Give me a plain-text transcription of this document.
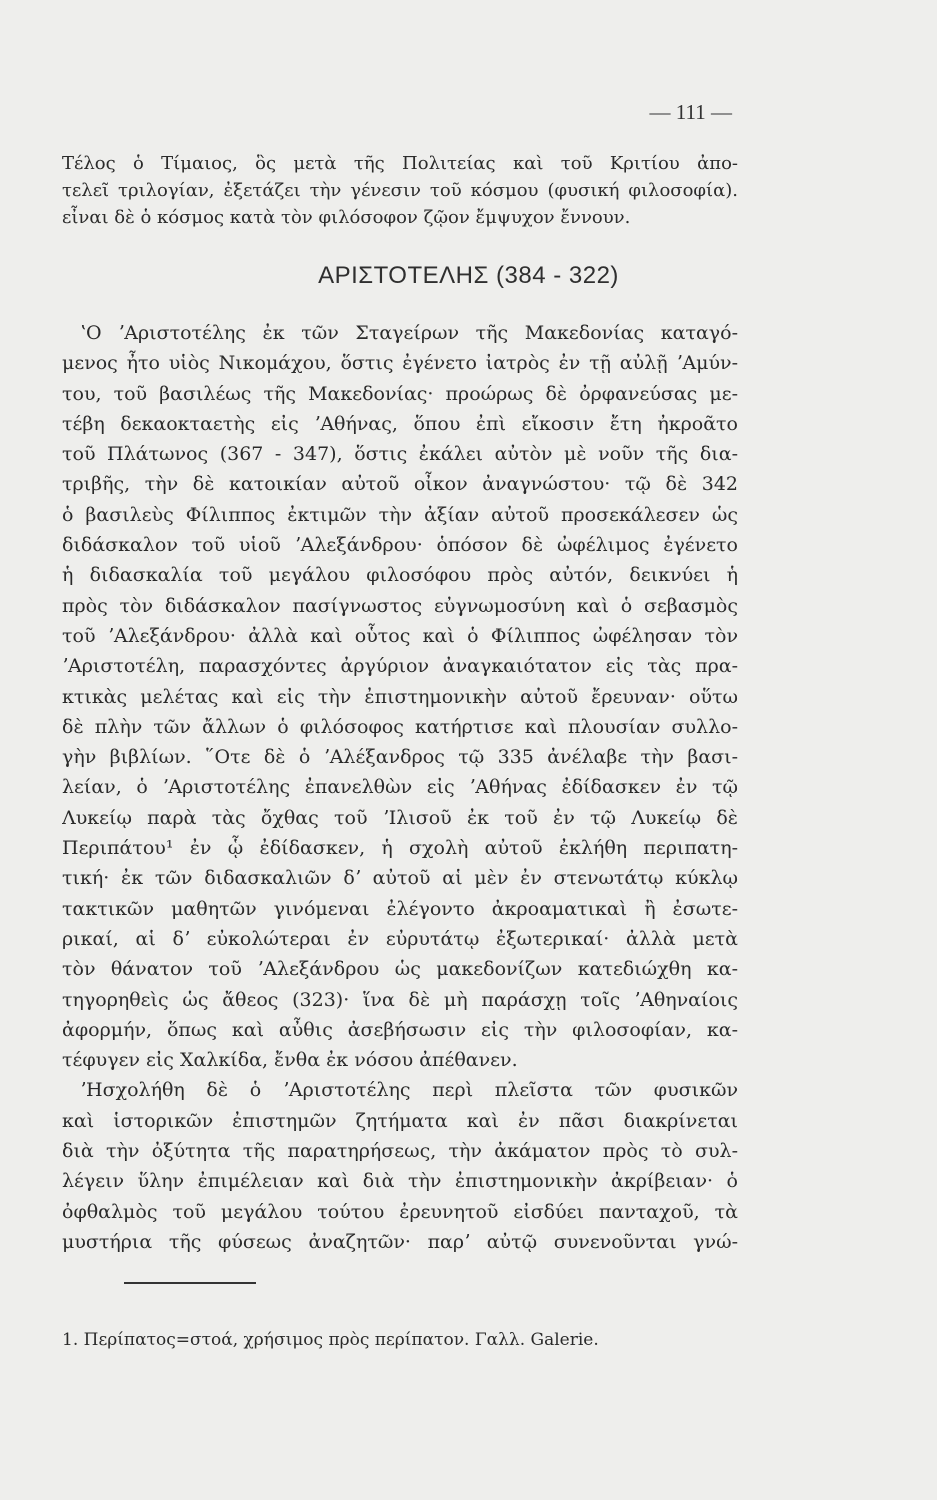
— 111 —
Τέλος ὁ Τίμαιος, ὃς μετὰ τῆς Πολιτείας καὶ τοῦ Κριτίου ἀπο-
τελεῖ τριλογίαν, ἐξετάζει τὴν γένεσιν τοῦ κόσμου (φυσική φιλοσοφία).
εἶναι δὲ ὁ κόσμος κατὰ τὸν φιλόσοφον ζῷον ἔμψυχον ἔννουν.
ΑΡΙΣΤΟΤΕΛΗΣ (384 - 322)
ʽΟ ʼΑριστοτέλης ἐκ τῶν Σταγείρων τῆς Μακεδονίας καταγό-
μενος ἦτο υἱὸς Νικομάχου, ὅστις ἐγένετο ἰατρὸς ἐν τῇ αὐλῇ ʼΑμύν-
του, τοῦ βασιλέως τῆς Μακεδονίας· προώρως δὲ ὀρφανεύσας με-
τέβη δεκαοκταετὴς εἰς ʼΑθήνας, ὅπου ἐπὶ εἴκοσιν ἔτη ἠκροᾶτο
τοῦ Πλάτωνος (367 - 347), ὅστις ἐκάλει αὐτὸν μὲ νοῦν τῆς δια-
τριβῆς, τὴν δὲ κατοικίαν αὐτοῦ οἶκον ἀναγνώστου· τῷ δὲ 342
ὁ βασιλεὺς Φίλιππος ἐκτιμῶν τὴν ἀξίαν αὐτοῦ προσεκάλεσεν ὡς
διδάσκαλον τοῦ υἱοῦ ʼΑλεξάνδρου· ὁπόσον δὲ ὠφέλιμος ἐγένετο
ἡ διδασκαλία τοῦ μεγάλου φιλοσόφου πρὸς αὐτόν, δεικνύει ἡ
πρὸς τὸν διδάσκαλον πασίγνωστος εὐγνωμοσύνη καὶ ὁ σεβασμὸς
τοῦ ʼΑλεξάνδρου· ἀλλὰ καὶ οὗτος καὶ ὁ Φίλιππος ὠφέλησαν τὸν
ʼΑριστοτέλη, παρασχόντες ἀργύριον ἀναγκαιότατον εἰς τὰς πρα-
κτικὰς μελέτας καὶ εἰς τὴν ἐπιστημονικὴν αὐτοῦ ἔρευναν· οὕτω
δὲ πλὴν τῶν ἄλλων ὁ φιλόσοφος κατήρτισε καὶ πλουσίαν συλλο-
γὴν βιβλίων. ῞Οτε δὲ ὁ ʼΑλέξανδρος τῷ 335 ἀνέλαβε τὴν βασι-
λείαν, ὁ ʼΑριστοτέλης ἐπανελθὼν εἰς ʼΑθήνας ἐδίδασκεν ἐν τῷ
Λυκείῳ παρὰ τὰς ὄχθας τοῦ ʼΙλισοῦ ἐκ τοῦ ἐν τῷ Λυκείῳ δὲ
Περιπάτου¹ ἐν ᾧ ἐδίδασκεν, ἡ σχολὴ αὐτοῦ ἐκλήθη περιπατη-
τική· ἐκ τῶν διδασκαλιῶν δʼ αὐτοῦ αἱ μὲν ἐν στενωτάτῳ κύκλῳ
τακτικῶν μαθητῶν γινόμεναι ἐλέγοντο ἀκροαματικαὶ ἢ ἐσωτε-
ρικαί, αἱ δʼ εὐκολώτεραι ἐν εὐρυτάτῳ ἐξωτερικαί· ἀλλὰ μετὰ
τὸν θάνατον τοῦ ʼΑλεξάνδρου ὡς μακεδονίζων κατεδιώχθη κα-
τηγορηθεὶς ὡς ἄθεος (323)· ἵνα δὲ μὴ παράσχῃ τοῖς ʼΑθηναίοις
ἀφορμήν, ὅπως καὶ αὖθις ἀσεβήσωσιν εἰς τὴν φιλοσοφίαν, κα-
τέφυγεν εἰς Χαλκίδα, ἔνθα ἐκ νόσου ἀπέθανεν.
ʼΗσχολήθη δὲ ὁ ʼΑριστοτέλης περὶ πλεῖστα τῶν φυσικῶν
καὶ ἱστορικῶν ἐπιστημῶν ζητήματα καὶ ἐν πᾶσι διακρίνεται
διὰ τὴν ὀξύτητα τῆς παρατηρήσεως, τὴν ἀκάματον πρὸς τὸ συλ-
λέγειν ὕλην ἐπιμέλειαν καὶ διὰ τὴν ἐπιστημονικὴν ἀκρίβειαν· ὁ
ὀφθαλμὸς τοῦ μεγάλου τούτου ἐρευνητοῦ εἰσδύει πανταχοῦ, τὰ
μυστήρια τῆς φύσεως ἀναζητῶν· παρʼ αὐτῷ συνενοῦνται γνώ-
1. Περίπατος=στοά, χρήσιμος πρὸς περίπατον. Γαλλ. Galerie.
